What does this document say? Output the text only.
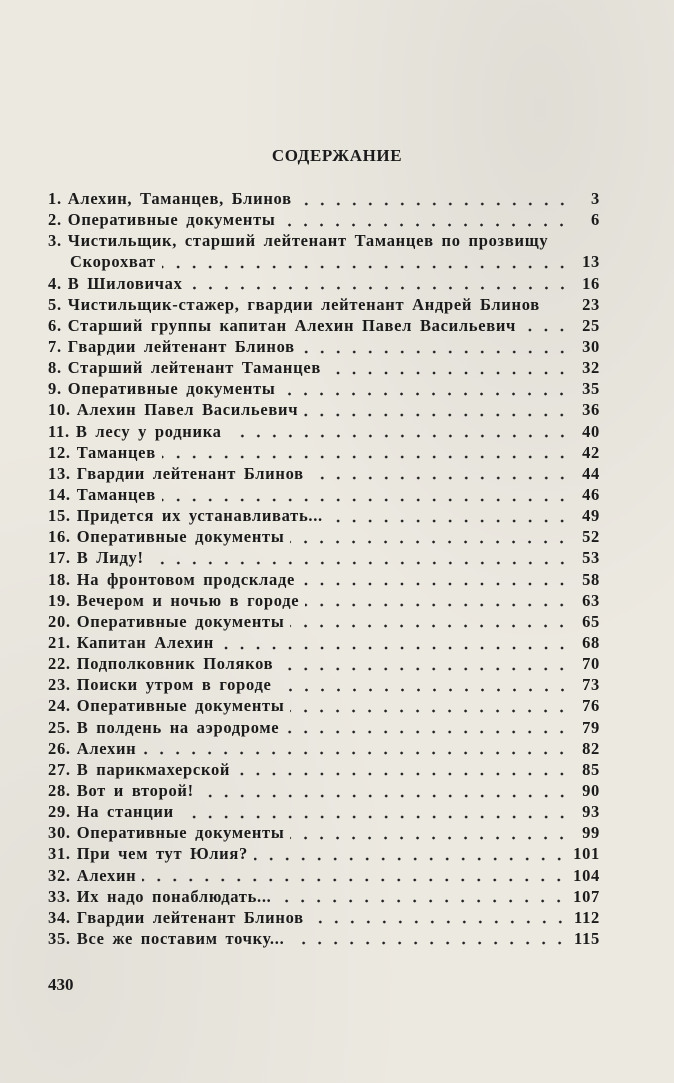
СОДЕРЖАНИЕ
1. Алехин, Таманцев, Блинов	3
2. Оперативные документы	6
3. Чистильщик, старший лейтенант Таманцев по прозвищу
Скорохват	13
4. В Шиловичах	16
5. Чистильщик-стажер, гвардии лейтенант Андрей Блинов	23
6. Старший группы капитан Алехин Павел Васильевич	25
7. Гвардии лейтенант Блинов	30
8. Старший лейтенант Таманцев	32
9. Оперативные документы	35
10. Алехин Павел Васильевич	36
11. В лесу у родника	40
12. Таманцев	42
13. Гвардии лейтенант Блинов	44
14. Таманцев	46
15. Придется их устанавливать...	49
16. Оперативные документы	52
17. В Лиду!	53
18. На фронтовом продскладе	58
19. Вечером и ночью в городе	63
20. Оперативные документы	65
21. Капитан Алехин	68
22. Подполковник Поляков	70
23. Поиски утром в городе	73
24. Оперативные документы	76
25. В полдень на аэродроме	79
26. Алехин	82
27. В парикмахерской	85
28. Вот и второй!	90
29. На станции	93
30. Оперативные документы	99
31. При чем тут Юлия?	101
32. Алехин	104
33. Их надо понаблюдать...	107
34. Гвардии лейтенант Блинов	112
35. Все же поставим точку...	115
430
